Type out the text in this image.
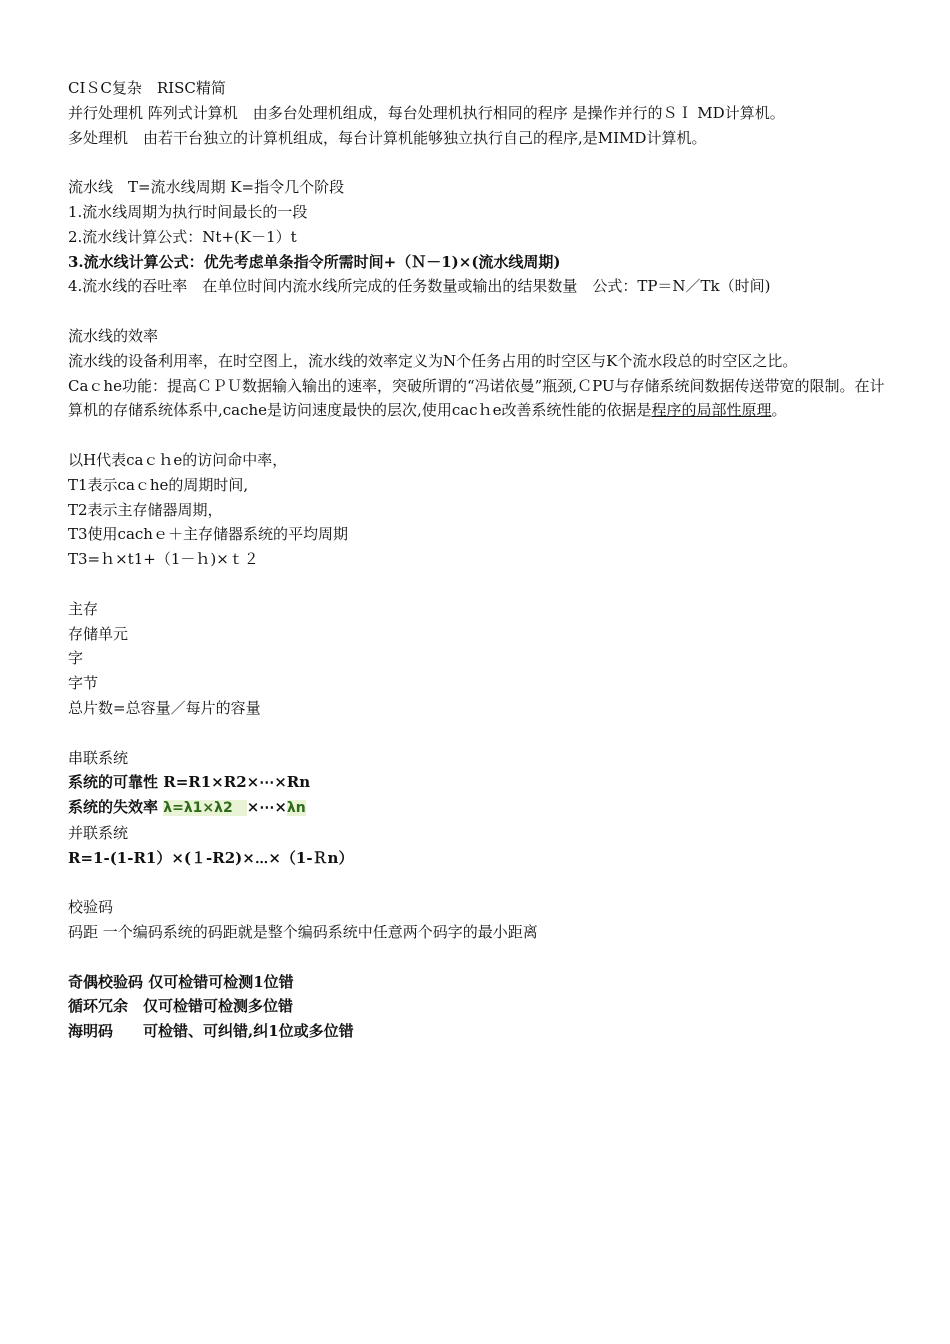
CIＳC复杂　RISC精简

并行处理机 阵列式计算机　由多台处理机组成，每台处理机执行相同的程序 是操作并行的ＳＩ MD计算机。

多处理机　由若干台独立的计算机组成，每台计算机能够独立执行自己的程序,是MIMD计算机。

流水线　T=流水线周期 K=指令几个阶段

1.流水线周期为执行时间最长的一段

2.流水线计算公式：Nt+(K－1）t

3.流水线计算公式：优先考虑单条指令所需时间+（Ｎ－1)×(流水线周期)

4.流水线的吞吐率　在单位时间内流水线所完成的任务数量或输出的结果数量　公式：TP＝N／Tk（时间)

流水线的效率

流水线的设备利用率，在时空图上，流水线的效率定义为N个任务占用的时空区与K个流水段总的时空区之比。

Caｃhe功能：提高ＣＰＵ数据输入输出的速率，突破所谓的“冯诺依曼”瓶颈,ＣPU与存储系统间数据传送带宽的限制。在计算机的存储系统体系中,cache是访问速度最快的层次,使用cacｈe改善系统性能的依据是程序的局部性原理。

以H代表caｃｈe的访问命中率，

T1表示caｃhe的周期时间,

T2表示主存储器周期，

T3使用cachｅ＋主存储器系统的平均周期

T3=ｈ×t1+（1－ｈ)×ｔ２

主存

存储单元

字

字节

总片数=总容量／每片的容量

串联系统

系统的可靠性 R=R1×R2×⋯×Rn

系统的失效率 λ=λ1×λ2　×⋯×λn

并联系统

R=1-(1-R1）×(１-R2)×⋯×（1-Ｒn）

校验码

码距 一个编码系统的码距就是整个编码系统中任意两个码字的最小距离

奇偶校验码 仅可检错可检测1位错

循环冗余　仅可检错可检测多位错

海明码　　可检错、可纠错,纠1位或多位错
